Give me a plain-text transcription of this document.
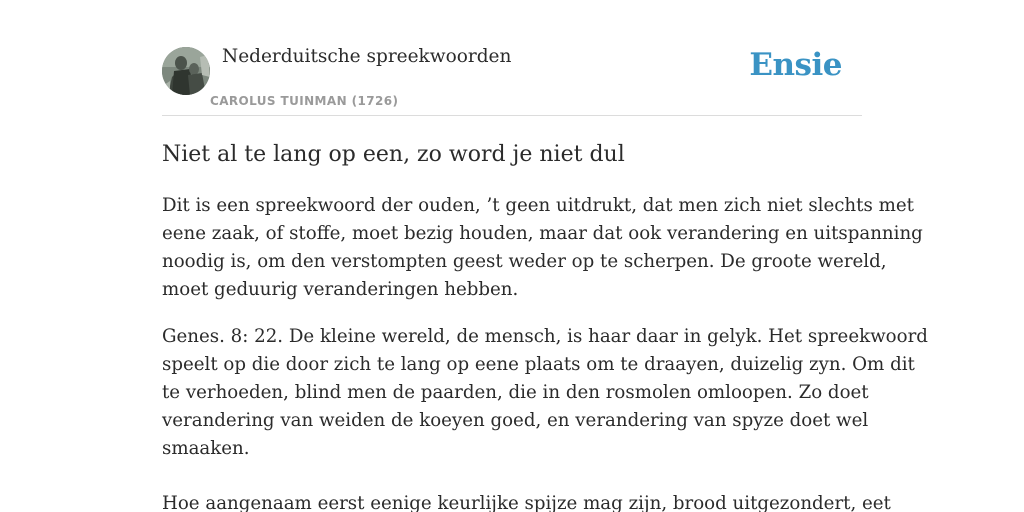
Nederduitsche spreekwoorden
CAROLUS TUINMAN (1726)
Ensie
Niet al te lang op een, zo word je niet dul

Dit is een spreekwoord der ouden, ’t geen uitdrukt, dat men zich niet slechts met
eene zaak, of stoffe, moet bezig houden, maar dat ook verandering en uitspanning
noodig is, om den verstompten geest weder op te scherpen. De groote wereld,
moet geduurig veranderingen hebben.

Genes. 8: 22. De kleine wereld, de mensch, is haar daar in gelyk. Het spreekwoord
speelt op die door zich te lang op eene plaats om te draayen, duizelig zyn. Om dit
te verhoeden, blind men de paarden, die in den rosmolen omloopen. Zo doet
verandering van weiden de koeyen goed, en verandering van spyze doet wel
smaaken.

Hoe aangenaam eerst eenige keurlijke spijze mag zijn, brood uitgezondert, eet
